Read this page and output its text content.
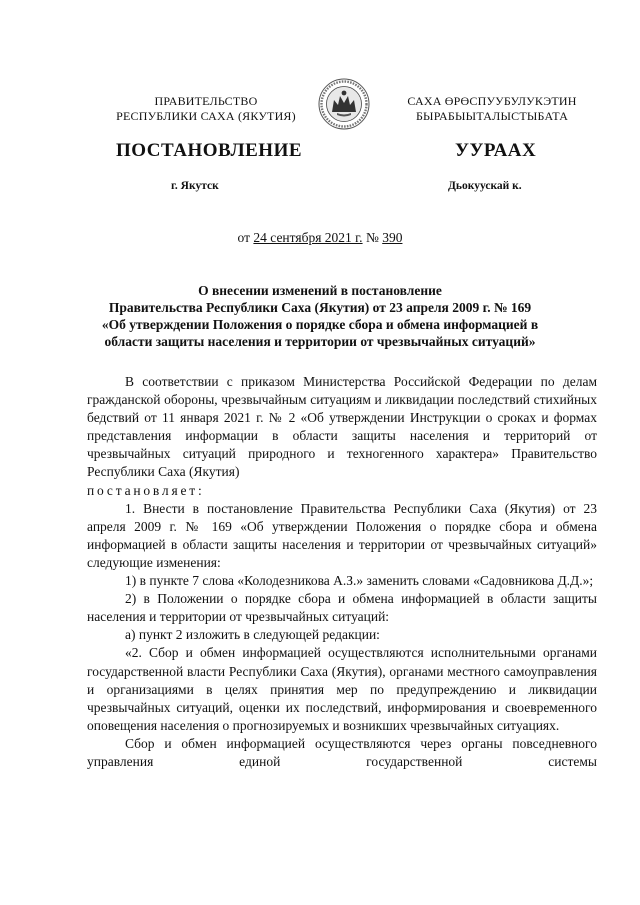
ПРАВИТЕЛЬСТВО
РЕСПУБЛИКИ САХА (ЯКУТИЯ)
САХА ӨРӨСПУУБУЛУКЭТИН
БЫРАБЫЫТАЛЫСТЫБАТА
ПОСТАНОВЛЕНИЕ	УУРААХ
г. Якутск	Дьокуускай к.
от 24 сентября 2021 г. № 390
О внесении изменений в постановление
Правительства Республики Саха (Якутия) от 23 апреля 2009 г. № 169
«Об утверждении Положения о порядке сбора и обмена информацией в
области защиты населения и территории от чрезвычайных ситуаций»

В соответствии с приказом Министерства Российской Федерации по делам гражданской обороны, чрезвычайным ситуациям и ликвидации последствий стихийных бедствий от 11 января 2021 г. № 2 «Об утверждении Инструкции о сроках и формах представления информации в области защиты населения и территорий от чрезвычайных ситуаций природного и техногенного характера» Правительство Республики Саха (Якутия)

постановляет:

1. Внести в постановление Правительства Республики Саха (Якутия) от 23 апреля 2009 г. № 169 «Об утверждении Положения о порядке сбора и обмена информацией в области защиты населения и территории от чрезвычайных ситуаций» следующие изменения:

1) в пункте 7 слова «Колодезникова А.З.» заменить словами «Садовникова Д.Д.»;

2) в Положении о порядке сбора и обмена информацией в области защиты населения и территории от чрезвычайных ситуаций:

а) пункт 2 изложить в следующей редакции:

«2. Сбор и обмен информацией осуществляются исполнительными органами государственной власти Республики Саха (Якутия), органами местного самоуправления и организациями в целях принятия мер по предупреждению и ликвидации чрезвычайных ситуаций, оценки их последствий, информирования и своевременного оповещения населения о прогнозируемых и возникших чрезвычайных ситуациях.

Сбор и обмен информацией осуществляются через органы повседневного управления единой государственной системы
